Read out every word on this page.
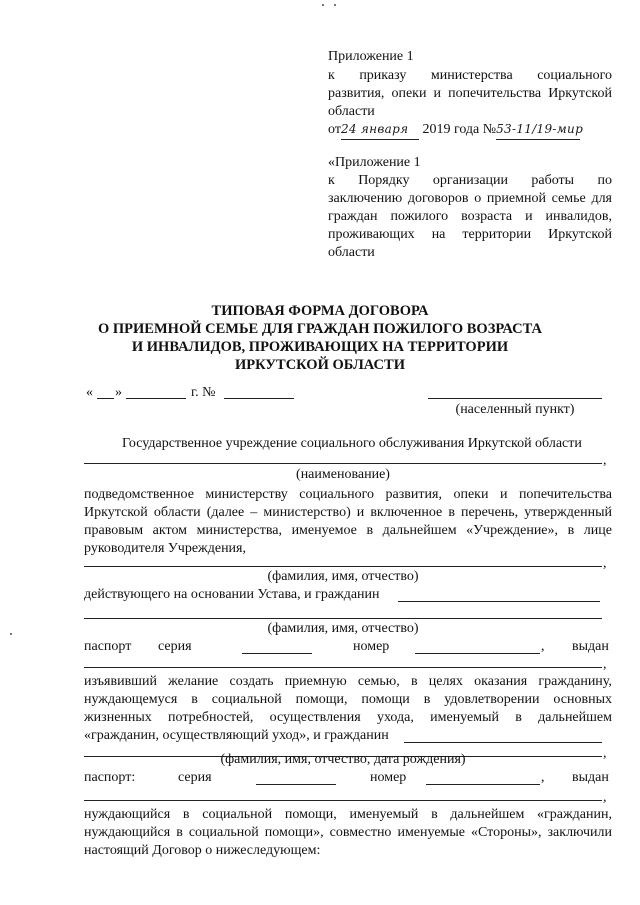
Приложение 1
к приказу министерства социального
развития, опеки и попечительства Иркутской
области
от24 января 2019 года №53-11/19-мир
«Приложение 1
к Порядку организации работы по
заключению договоров о приемной семье для
граждан пожилого возраста и инвалидов,
проживающих на территории Иркутской
области
ТИПОВАЯ ФОРМА ДОГОВОРА
О ПРИЕМНОЙ СЕМЬЕ ДЛЯ ГРАЖДАН ПОЖИЛОГО ВОЗРАСТА
И ИНВАЛИДОВ, ПРОЖИВАЮЩИХ НА ТЕРРИТОРИИ
ИРКУТСКОЙ ОБЛАСТИ
« »	г. №
(населенный пункт)
Государственное учреждение социального обслуживания Иркутской области
,
(наименование)
подведомственное министерству социального развития, опеки и попечительства
Иркутской области (далее – министерство) и включенное в перечень, утвержденный
правовым актом министерства, именуемое в дальнейшем «Учреждение», в лице
руководителя Учреждения,
,
(фамилия, имя, отчество)
действующего на основании Устава, и гражданин
(фамилия, имя, отчество)
паспорт серия	номер	, выдан
,
изъявивший желание создать приемную семью, в целях оказания гражданину,
нуждающемуся в социальной помощи, помощи в удовлетворении основных
жизненных потребностей, осуществления ухода, именуемый в дальнейшем
«гражданин, осуществляющий уход», и гражданин
,
(фамилия, имя, отчество, дата рождения)
паспорт:	серия	номер	, выдан
,
нуждающийся в социальной помощи, именуемый в дальнейшем «гражданин,
нуждающийся в социальной помощи», совместно именуемые «Стороны», заключили
настоящий Договор о нижеследующем:
